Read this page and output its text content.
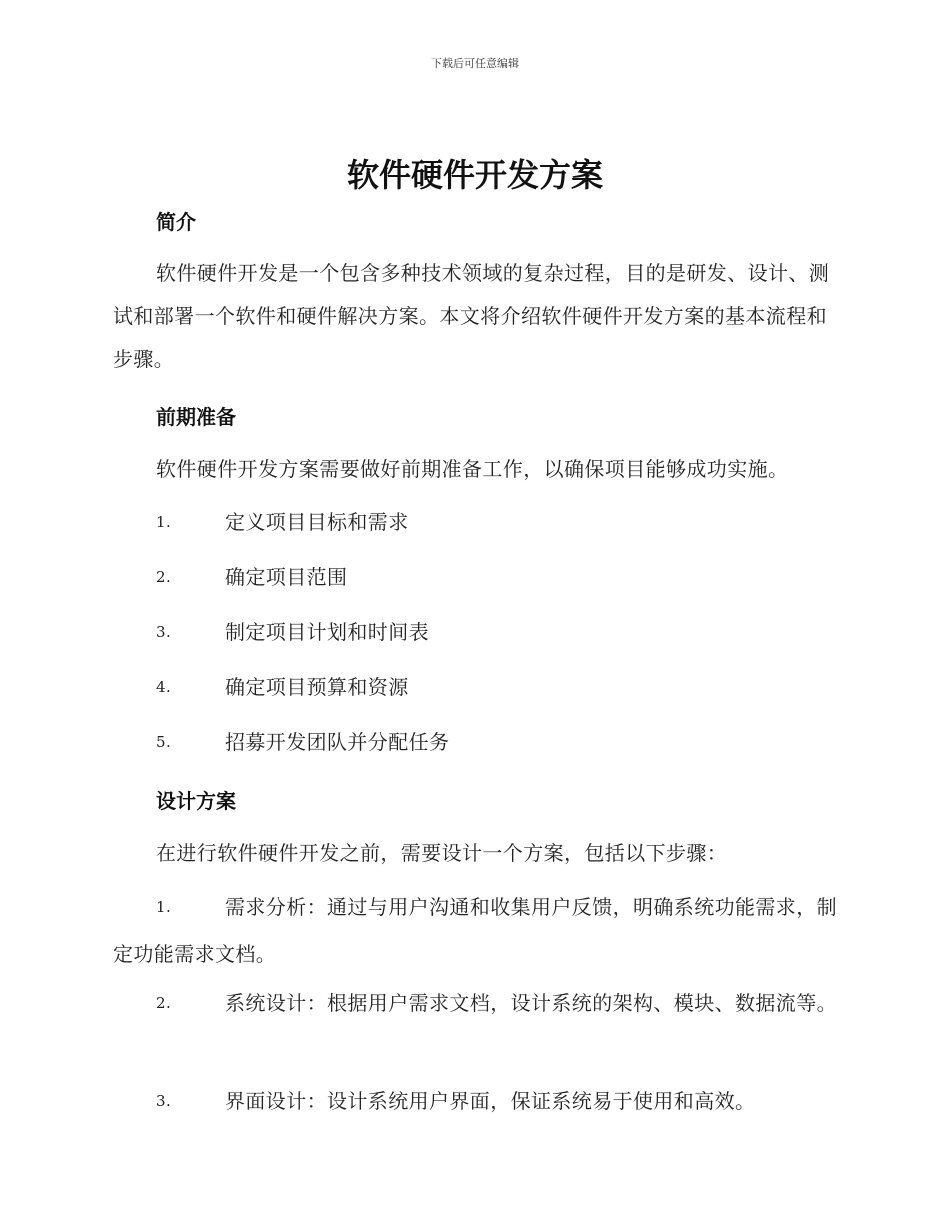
下载后可任意编辑
软件硬件开发方案
简介

软件硬件开发是一个包含多种技术领域的复杂过程，目的是研发、设计、测试和部署一个软件和硬件解决方案。本文将介绍软件硬件开发方案的基本流程和步骤。

前期准备

软件硬件开发方案需要做好前期准备工作，以确保项目能够成功实施。

1.	定义项目目标和需求
2.	确定项目范围
3.	制定项目计划和时间表
4.	确定项目预算和资源
5.	招募开发团队并分配任务
设计方案

在进行软件硬件开发之前，需要设计一个方案，包括以下步骤：

1.	需求分析：通过与用户沟通和收集用户反馈，明确系统功能需求，制定功能需求文档。
2.	系统设计：根据用户需求文档，设计系统的架构、模块、数据流等。
3.	界面设计：设计系统用户界面，保证系统易于使用和高效。
